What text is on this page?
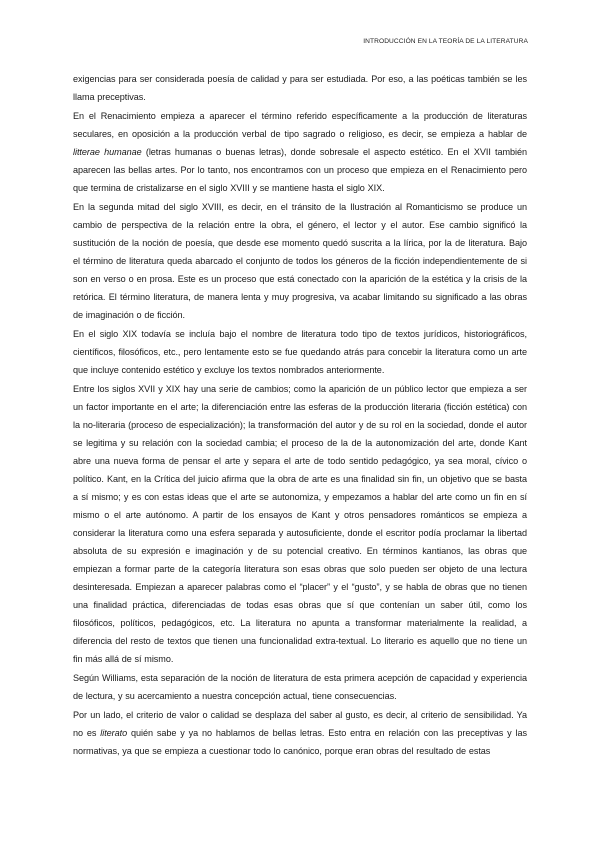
INTRODUCCIÓN EN LA TEORÍA DE LA LITERATURA

exigencias para ser considerada poesía de calidad y para ser estudiada. Por eso, a las poéticas también se les llama preceptivas.

En el Renacimiento empieza a aparecer el término referido específicamente a la producción de literaturas seculares, en oposición a la producción verbal de tipo sagrado o religioso, es decir, se empieza a hablar de litterae humanae (letras humanas o buenas letras), donde sobresale el aspecto estético. En el XVII también aparecen las bellas artes. Por lo tanto, nos encontramos con un proceso que empieza en el Renacimiento pero que termina de cristalizarse en el siglo XVIII y se mantiene hasta el siglo XIX.

En la segunda mitad del siglo XVIII, es decir, en el tránsito de la Ilustración al Romanticismo se produce un cambio de perspectiva de la relación entre la obra, el género, el lector y el autor. Ese cambio significó la sustitución de la noción de poesía, que desde ese momento quedó suscrita a la lírica, por la de literatura. Bajo el término de literatura queda abarcado el conjunto de todos los géneros de la ficción independientemente de si son en verso o en prosa. Este es un proceso que está conectado con la aparición de la estética y la crisis de la retórica. El término literatura, de manera lenta y muy progresiva, va acabar limitando su significado a las obras de imaginación o de ficción.

En el siglo XIX todavía se incluía bajo el nombre de literatura todo tipo de textos jurídicos, historiográficos, científicos, filosóficos, etc., pero lentamente esto se fue quedando atrás para concebir la literatura como un arte que incluye contenido estético y excluye los textos nombrados anteriormente.

Entre los siglos XVII y XIX hay una serie de cambios; como la aparición de un público lector que empieza a ser un factor importante en el arte; la diferenciación entre las esferas de la producción literaria (ficción estética) con la no-literaria (proceso de especialización); la transformación del autor y de su rol en la sociedad, donde el autor se legitima y su relación con la sociedad cambia; el proceso de la de la autonomización del arte, donde Kant abre una nueva forma de pensar el arte y separa el arte de todo sentido pedagógico, ya sea moral, cívico o político. Kant, en la Crítica del juicio afirma que la obra de arte es una finalidad sin fin, un objetivo que se basta a sí mismo; y es con estas ideas que el arte se autonomiza, y empezamos a hablar del arte como un fin en sí mismo o el arte autónomo. A partir de los ensayos de Kant y otros pensadores románticos se empieza a considerar la literatura como una esfera separada y autosuficiente, donde el escritor podía proclamar la libertad absoluta de su expresión e imaginación y de su potencial creativo. En términos kantianos, las obras que empiezan a formar parte de la categoría literatura son esas obras que solo pueden ser objeto de una lectura desinteresada. Empiezan a aparecer palabras como el “placer” y el “gusto”, y se habla de obras que no tienen una finalidad práctica, diferenciadas de todas esas obras que sí que contenían un saber útil, como los filosóficos, políticos, pedagógicos, etc. La literatura no apunta a transformar materialmente la realidad, a diferencia del resto de textos que tienen una funcionalidad extra-textual. Lo literario es aquello que no tiene un fin más allá de sí mismo.

Según Williams, esta separación de la noción de literatura de esta primera acepción de capacidad y experiencia de lectura, y su acercamiento a nuestra concepción actual, tiene consecuencias.

Por un lado, el criterio de valor o calidad se desplaza del saber al gusto, es decir, al criterio de sensibilidad. Ya no es literato quién sabe y ya no hablamos de bellas letras. Esto entra en relación con las preceptivas y las normativas, ya que se empieza a cuestionar todo lo canónico, porque eran obras del resultado de estas
